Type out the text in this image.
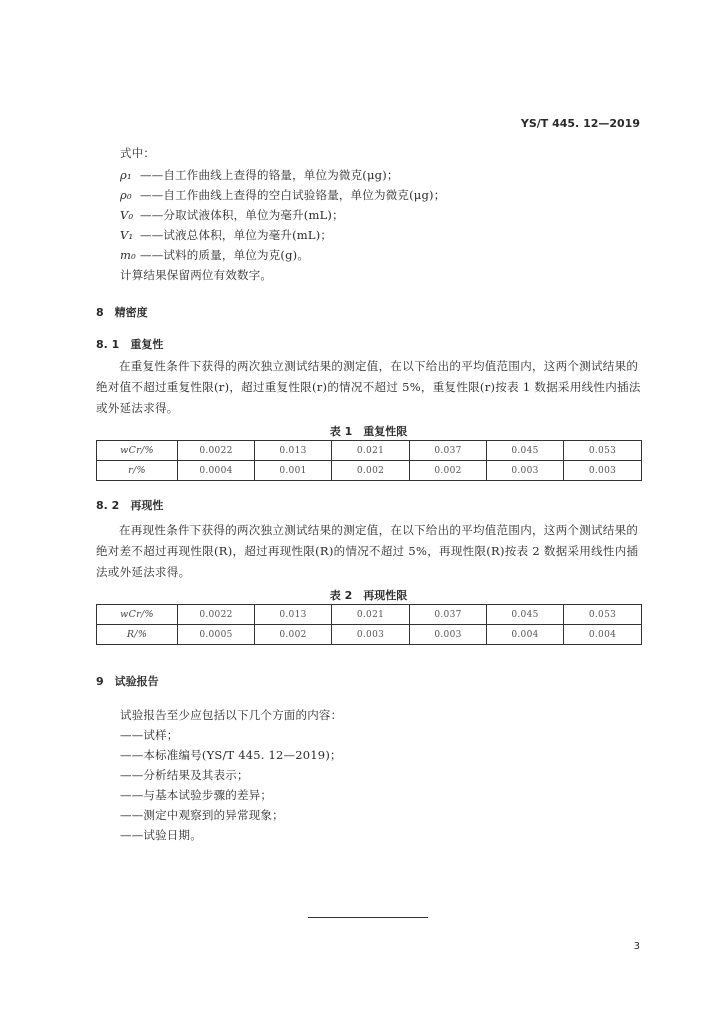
YS/T 445. 12—2019
式中：
ρ₁ ——自工作曲线上查得的铬量，单位为微克(μg)；
ρ₀ ——自工作曲线上查得的空白试验铬量，单位为微克(μg)；
V₀ ——分取试液体积，单位为毫升(mL)；
V₁ ——试液总体积，单位为毫升(mL)；
m₀ ——试料的质量，单位为克(g)。
计算结果保留两位有效数字。
8　精密度
8. 1　重复性
在重复性条件下获得的两次独立测试结果的测定值，在以下给出的平均值范围内，这两个测试结果的绝对值不超过重复性限(r)，超过重复性限(r)的情况不超过 5%，重复性限(r)按表 1 数据采用线性内插法或外延法求得。
表 1　重复性限
wCr/%	0.0022	0.013	0.021	0.037	0.045	0.053
r/%	0.0004	0.001	0.002	0.002	0.003	0.003
8. 2　再现性
在再现性条件下获得的两次独立测试结果的测定值，在以下给出的平均值范围内，这两个测试结果的绝对差不超过再现性限(R)，超过再现性限(R)的情况不超过 5%，再现性限(R)按表 2 数据采用线性内插法或外延法求得。
表 2　再现性限
wCr/%	0.0022	0.013	0.021	0.037	0.045	0.053
R/%	0.0005	0.002	0.003	0.003	0.004	0.004
9　试验报告
试验报告至少应包括以下几个方面的内容：
——试样；
——本标准编号(YS/T 445. 12—2019)；
——分析结果及其表示；
——与基本试验步骤的差异；
——测定中观察到的异常现象；
——试验日期。
3
